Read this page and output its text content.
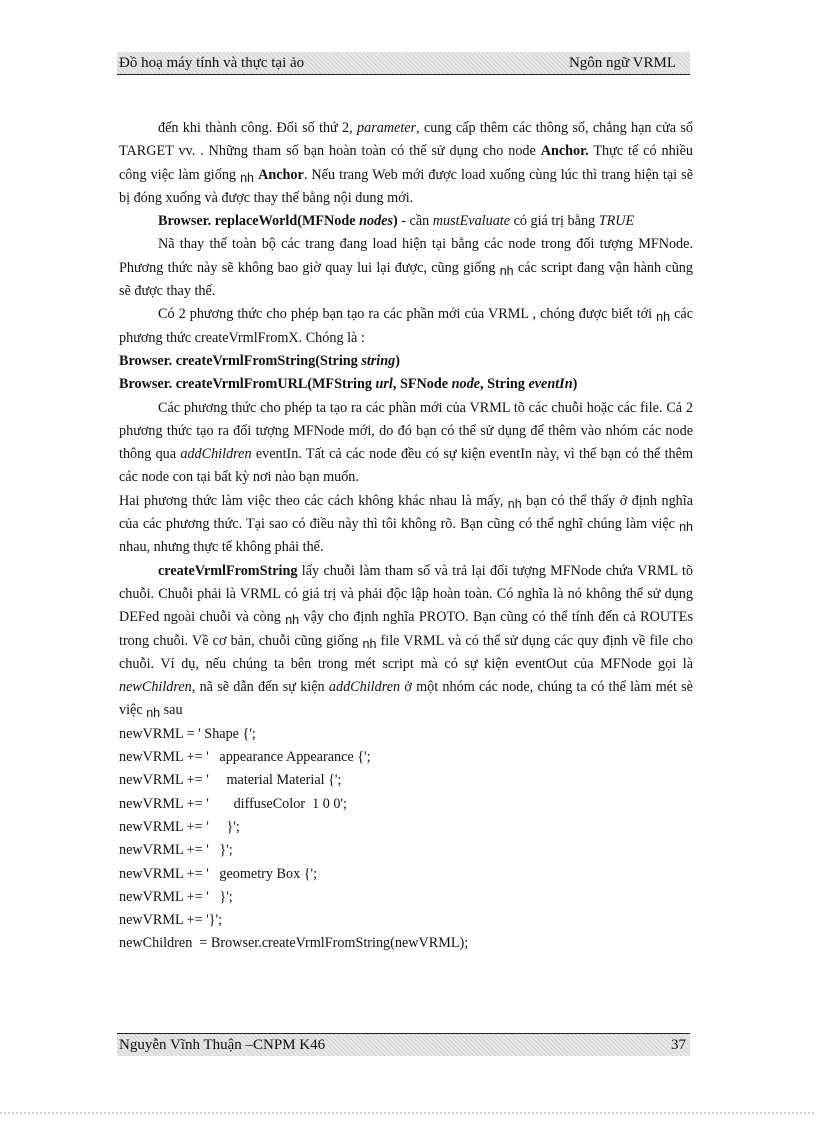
Đồ hoạ máy tính và thực tại ảo	Ngôn ngữ VRML

đến khi thành công. Đối số thứ 2, parameter, cung cấp thêm các thông số, chẳng hạn cửa sổ TARGET vv. . Những tham số bạn hoàn toàn có thể sử dụng cho node Anchor. Thực tế có nhiều công việc làm giống nh Anchor. Nếu trang Web mới được load xuống cùng lúc thì trang hiện tại sẽ bị đóng xuống và được thay thế bằng nội dung mới.

Browser. replaceWorld(MFNode nodes) - cần mustEvaluate có giá trị bằng TRUE

Nã thay thế toàn bộ các trang đang load hiện tại bằng các node trong đối tượng MFNode. Phương thức này sẽ không bao giờ quay lui lại được, cũng giống nh các script đang vận hành cũng sẽ được thay thế.

Có 2 phương thức cho phép bạn tạo ra các phần mới của VRML , chóng được biết tới nh các phương thức createVrmlFromX. Chóng là :

Browser. createVrmlFromString(String string)

Browser. createVrmlFromURL(MFString url, SFNode node, String eventIn)

Các phương thức cho phép ta tạo ra các phần mới của VRML tõ các chuỗi hoặc các file. Cả 2 phương thức tạo ra đối tượng MFNode mới, do đó bạn có thể sử dụng để thêm vào nhóm các node thông qua addChildren eventIn. Tất cả các node đều có sự kiện eventIn này, vì thế bạn có thể thêm các node con tại bất kỳ nơi nào bạn muốn.

Hai phương thức làm việc theo các cách không khác nhau là mấy, nh bạn có thể thấy ở định nghĩa của các phương thức. Tại sao có điều này thì tôi không rõ. Bạn cũng có thể nghĩ chúng làm việc nh nhau, nhưng thực tế không phải thế.

createVrmlFromString lấy chuỗi làm tham số và trả lại đối tượng MFNode chứa VRML tõ chuỗi. Chuỗi phải là VRML có giá trị và phải độc lập hoàn toàn. Có nghĩa là nó không thể sử dụng DEFed ngoài chuỗi và còng nh vậy cho định nghĩa PROTO. Bạn cũng có thể tính đến cả ROUTEs trong chuỗi. Về cơ bản, chuỗi cũng giống nh file VRML và có thể sử dụng các quy định về file cho chuỗi. Ví dụ, nếu chúng ta bên trong mét script mà có sự kiện eventOut của MFNode gọi là newChildren, nã sẽ dẫn đến sự kiện addChildren ở một nhóm các node, chúng ta có thể làm mét sè việc nh sau

newVRML = ' Shape {';

newVRML += '   appearance Appearance {';

newVRML += '     material Material {';

newVRML += '       diffuseColor  1 0 0';

newVRML += '     }';

newVRML += '   }';

newVRML += '   geometry Box {';

newVRML += '   }';

newVRML += '}';

newChildren  = Browser.createVrmlFromString(newVRML);

Nguyễn Vĩnh Thuận –CNPM K46	37
